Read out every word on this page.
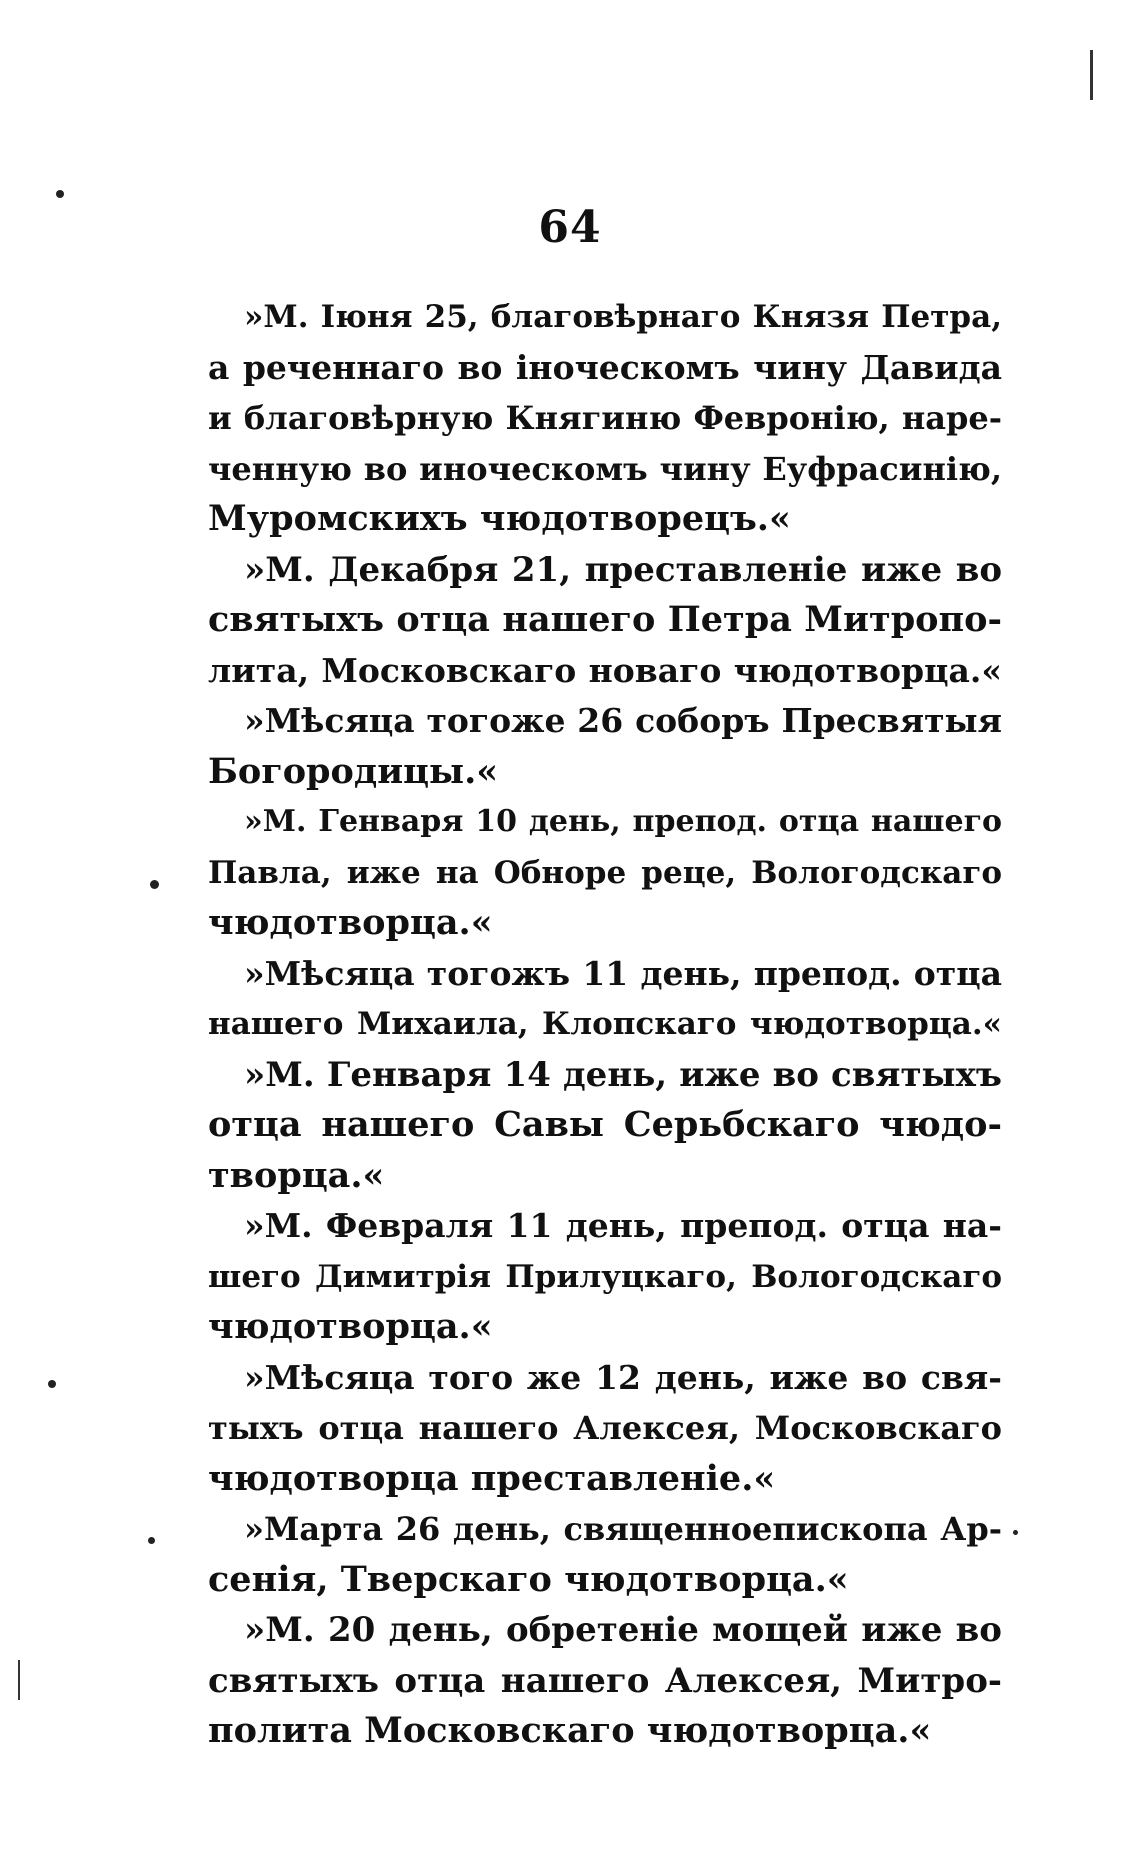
64
»М. Іюня 25, благовѣрнаго Князя Петра,
а реченнаго во іноческомъ чину Давида
и благовѣрную Княгиню Февронію, наре-
ченную во иноческомъ чину Еуфрасинію,
Муромскихъ чюдотворецъ.«
»М. Декабря 21, преставленіе иже во
святыхъ отца нашего Петра Митропо-
лита, Московскаго новаго чюдотворца.«
»Мѣсяца тогоже 26 соборъ Пресвятыя
Богородицы.«
»М. Генваря 10 день, препод. отца нашего
Павла, иже на Обноре реце, Вологодскаго
чюдотворца.«
»Мѣсяца тогожъ 11 день, препод. отца
нашего Михаила, Клопскаго чюдотворца.«
»М. Генваря 14 день, иже во святыхъ
отца нашего Савы Серьбскаго чюдо-
творца.«
»М. Февраля 11 день, препод. отца на-
шего Димитрія Прилуцкаго, Вологодскаго
чюдотворца.«
»Мѣсяца того же 12 день, иже во свя-
тыхъ отца нашего Алексея, Московскаго
чюдотворца преставленіе.«
»Марта 26 день, священноепископа Ар-
сенія, Тверскаго чюдотворца.«
»М. 20 день, обретеніе мощей иже во
святыхъ отца нашего Алексея, Митро-
полита Московскаго чюдотворца.«
